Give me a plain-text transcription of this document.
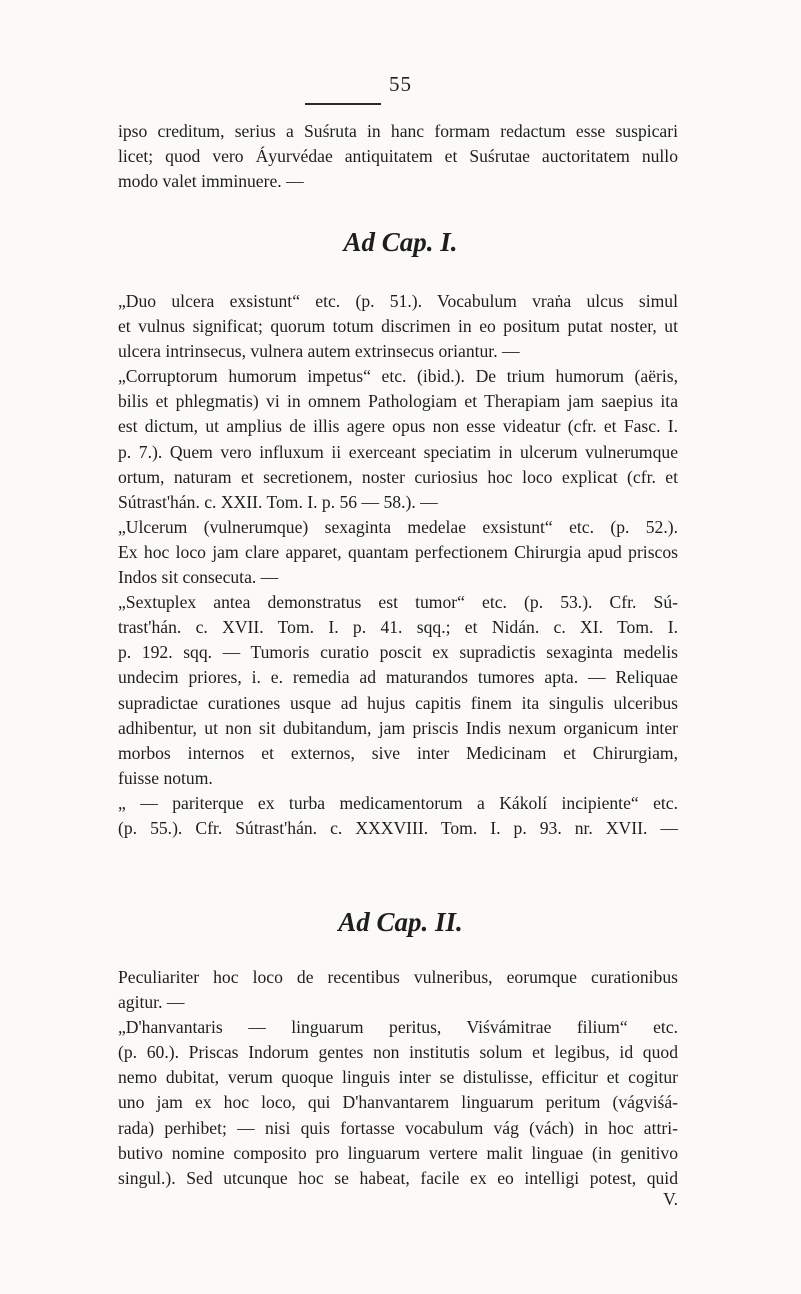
55
ipso creditum, serius a Suśruta in hanc formam redactum esse suspicari
licet; quod vero Áyurvédae antiquitatem et Suśrutae auctoritatem nullo
modo valet imminuere. —
Ad Cap. I.
„Duo ulcera exsistunt“ etc. (p. 51.). Vocabulum vraṅa ulcus simul
et vulnus significat; quorum totum discrimen in eo positum putat noster, ut
ulcera intrinsecus, vulnera autem extrinsecus oriantur. —
„Corruptorum humorum impetus“ etc. (ibid.). De trium humorum (aëris,
bilis et phlegmatis) vi in omnem Pathologiam et Therapiam jam saepius ita
est dictum, ut amplius de illis agere opus non esse videatur (cfr. et Fasc. I.
p. 7.). Quem vero influxum ii exerceant speciatim in ulcerum vulnerumque
ortum, naturam et secretionem, noster curiosius hoc loco explicat (cfr. et
Sútrast'hán. c. XXII. Tom. I. p. 56 — 58.). —
„Ulcerum (vulnerumque) sexaginta medelae exsistunt“ etc. (p. 52.).
Ex hoc loco jam clare apparet, quantam perfectionem Chirurgia apud priscos
Indos sit consecuta. —
„Sextuplex antea demonstratus est tumor“ etc. (p. 53.). Cfr. Sú-
trast'hán. c. XVII. Tom. I. p. 41. sqq.; et Nidán. c. XI. Tom. I.
p. 192. sqq. — Tumoris curatio poscit ex supradictis sexaginta medelis
undecim priores, i. e. remedia ad maturandos tumores apta. — Reliquae
supradictae curationes usque ad hujus capitis finem ita singulis ulceribus
adhibentur, ut non sit dubitandum, jam priscis Indis nexum organicum inter
morbos internos et externos, sive inter Medicinam et Chirurgiam,
fuisse notum.
„ — pariterque ex turba medicamentorum a Kákolí incipiente“ etc.
(p. 55.). Cfr. Sútrast'hán. c. XXXVIII. Tom. I. p. 93. nr. XVII. —
Ad Cap. II.
Peculiariter hoc loco de recentibus vulneribus, eorumque curationibus
agitur. —
„D'hanvantaris — linguarum peritus, Viśvámitrae filium“ etc.
(p. 60.). Priscas Indorum gentes non institutis solum et legibus, id quod
nemo dubitat, verum quoque linguis inter se distulisse, efficitur et cogitur
uno jam ex hoc loco, qui D'hanvantarem linguarum peritum (vágviśá-
rada) perhibet; — nisi quis fortasse vocabulum vág (vách) in hoc attri-
butivo nomine composito pro linguarum vertere malit linguae (in genitivo
singul.). Sed utcunque hoc se habeat, facile ex eo intelligi potest, quid
V.
